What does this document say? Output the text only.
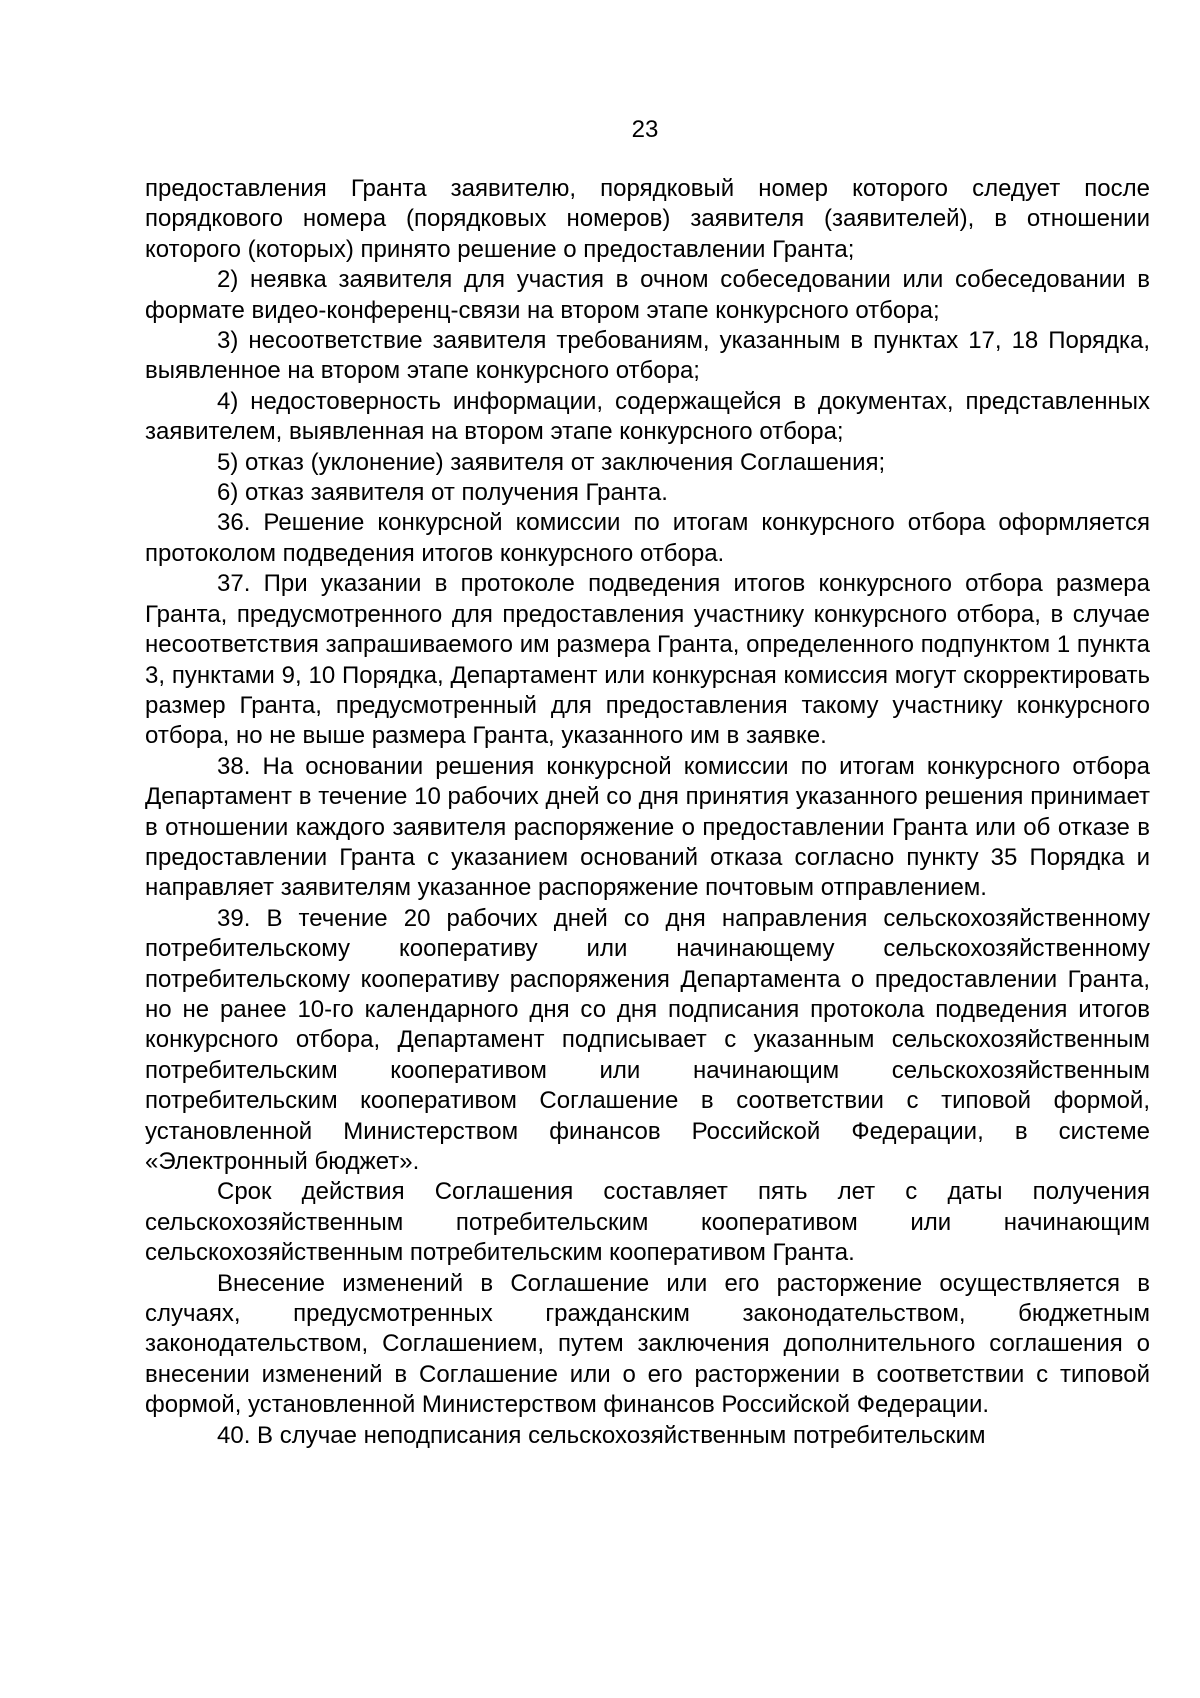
23

предоставления Гранта заявителю, порядковый номер которого следует после порядкового номера (порядковых номеров) заявителя (заявителей), в отношении которого (которых) принято решение о предоставлении Гранта;

2) неявка заявителя для участия в очном собеседовании или собеседовании в формате видео-конференц-связи на втором этапе конкурсного отбора;

3) несоответствие заявителя требованиям, указанным в пунктах 17, 18 Порядка, выявленное на втором этапе конкурсного отбора;

4) недостоверность информации, содержащейся в документах, представленных заявителем, выявленная на втором этапе конкурсного отбора;

5) отказ (уклонение) заявителя от заключения Соглашения;

6) отказ заявителя от получения Гранта.

36. Решение конкурсной комиссии по итогам конкурсного отбора оформляется протоколом подведения итогов конкурсного отбора.

37. При указании в протоколе подведения итогов конкурсного отбора размера Гранта, предусмотренного для предоставления участнику конкурсного отбора, в случае несоответствия запрашиваемого им размера Гранта, определенного подпунктом 1 пункта 3, пунктами 9, 10 Порядка, Департамент или конкурсная комиссия могут скорректировать размер Гранта, предусмотренный для предоставления такому участнику конкурсного отбора, но не выше размера Гранта, указанного им в заявке.

38. На основании решения конкурсной комиссии по итогам конкурсного отбора Департамент в течение 10 рабочих дней со дня принятия указанного решения принимает в отношении каждого заявителя распоряжение о предоставлении Гранта или об отказе в предоставлении Гранта с указанием оснований отказа согласно пункту 35 Порядка и направляет заявителям указанное распоряжение почтовым отправлением.

39. В течение 20 рабочих дней со дня направления сельскохозяйственному потребительскому кооперативу или начинающему сельскохозяйственному потребительскому кооперативу распоряжения Департамента о предоставлении Гранта, но не ранее 10-го календарного дня со дня подписания протокола подведения итогов конкурсного отбора, Департамент подписывает с указанным сельскохозяйственным потребительским кооперативом или начинающим сельскохозяйственным потребительским кооперативом Соглашение в соответствии с типовой формой, установленной Министерством финансов Российской Федерации, в системе «Электронный бюджет».

Срок действия Соглашения составляет пять лет с даты получения сельскохозяйственным потребительским кооперативом или начинающим сельскохозяйственным потребительским кооперативом Гранта.

Внесение изменений в Соглашение или его расторжение осуществляется в случаях, предусмотренных гражданским законодательством, бюджетным законодательством, Соглашением, путем заключения дополнительного соглашения о внесении изменений в Соглашение или о его расторжении в соответствии с типовой формой, установленной Министерством финансов Российской Федерации.

40. В случае неподписания сельскохозяйственным потребительским
